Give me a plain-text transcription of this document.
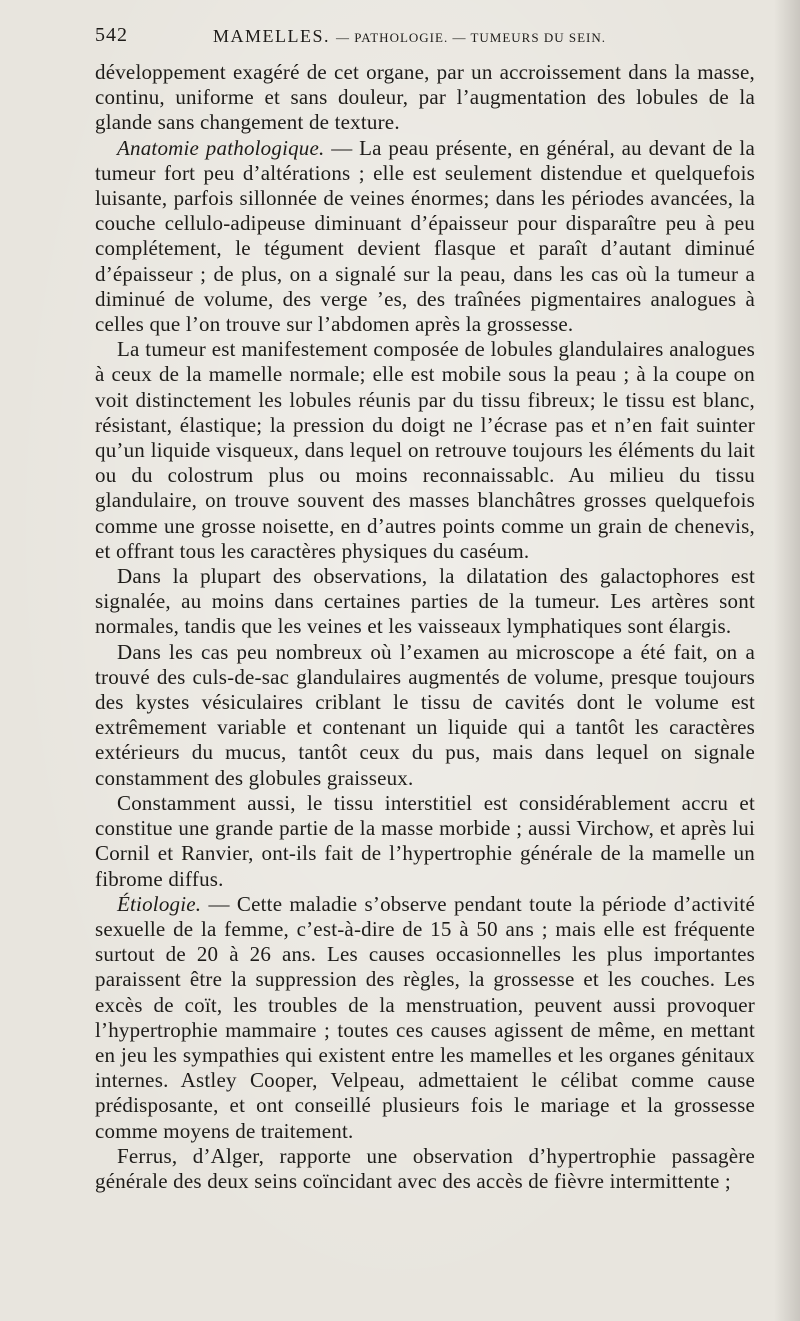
542	MAMELLES. — PATHOLOGIE. — TUMEURS DU SEIN.

développement exagéré de cet organe, par un accroissement dans la masse, continu, uniforme et sans douleur, par l’augmentation des lobules de la glande sans changement de texture.

Anatomie pathologique. — La peau présente, en général, au devant de la tumeur fort peu d’altérations ; elle est seulement distendue et quelquefois luisante, parfois sillonnée de veines énormes; dans les périodes avancées, la couche cellulo-adipeuse diminuant d’épaisseur pour disparaître peu à peu complétement, le tégument devient flasque et paraît d’autant diminué d’épaisseur ; de plus, on a signalé sur la peau, dans les cas où la tumeur a diminué de volume, des verge ’es, des traînées pigmentaires analogues à celles que l’on trouve sur l’abdomen après la grossesse.

La tumeur est manifestement composée de lobules glandulaires analogues à ceux de la mamelle normale; elle est mobile sous la peau ; à la coupe on voit distinctement les lobules réunis par du tissu fibreux; le tissu est blanc, résistant, élastique; la pression du doigt ne l’écrase pas et n’en fait suinter qu’un liquide visqueux, dans lequel on retrouve toujours les éléments du lait ou du colostrum plus ou moins reconnaissablc. Au milieu du tissu glandulaire, on trouve souvent des masses blanchâtres grosses quelquefois comme une grosse noisette, en d’autres points comme un grain de chenevis, et offrant tous les caractères physiques du caséum.

Dans la plupart des observations, la dilatation des galactophores est signalée, au moins dans certaines parties de la tumeur. Les artères sont normales, tandis que les veines et les vaisseaux lymphatiques sont élargis.

Dans les cas peu nombreux où l’examen au microscope a été fait, on a trouvé des culs-de-sac glandulaires augmentés de volume, presque toujours des kystes vésiculaires criblant le tissu de cavités dont le volume est extrêmement variable et contenant un liquide qui a tantôt les caractères extérieurs du mucus, tantôt ceux du pus, mais dans lequel on signale constamment des globules graisseux.

Constamment aussi, le tissu interstitiel est considérablement accru et constitue une grande partie de la masse morbide ; aussi Virchow, et après lui Cornil et Ranvier, ont-ils fait de l’hypertrophie générale de la mamelle un fibrome diffus.

Étiologie. — Cette maladie s’observe pendant toute la période d’activité sexuelle de la femme, c’est-à-dire de 15 à 50 ans ; mais elle est fréquente surtout de 20 à 26 ans. Les causes occasionnelles les plus importantes paraissent être la suppression des règles, la grossesse et les couches. Les excès de coït, les troubles de la menstruation, peuvent aussi provoquer l’hypertrophie mammaire ; toutes ces causes agissent de même, en mettant en jeu les sympathies qui existent entre les mamelles et les organes génitaux internes. Astley Cooper, Velpeau, admettaient le célibat comme cause prédisposante, et ont conseillé plusieurs fois le mariage et la grossesse comme moyens de traitement.

Ferrus, d’Alger, rapporte une observation d’hypertrophie passagère générale des deux seins coïncidant avec des accès de fièvre intermittente ;
